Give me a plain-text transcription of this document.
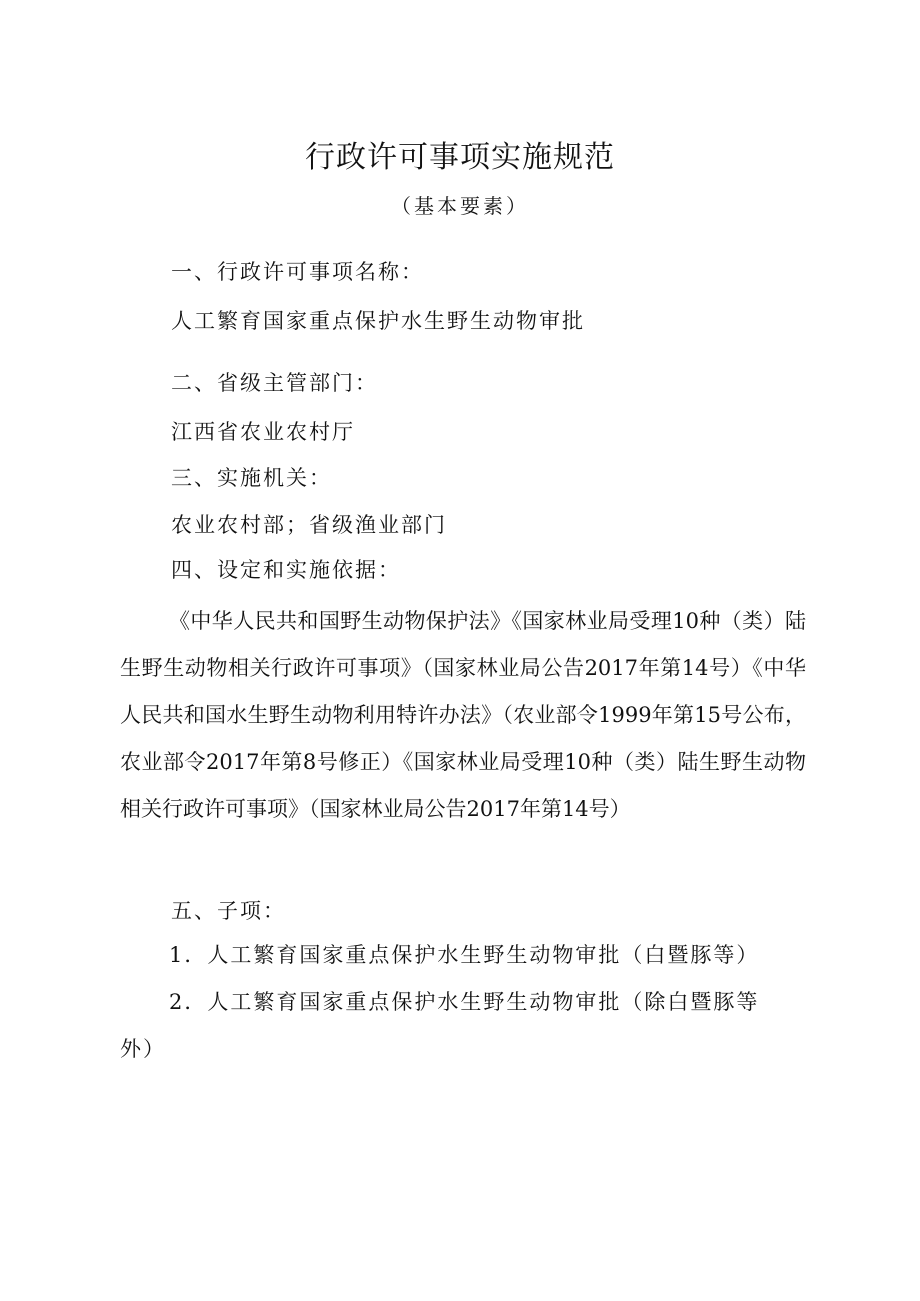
行政许可事项实施规范
（基本要素）
一、行政许可事项名称：
人工繁育国家重点保护水生野生动物审批
二、省级主管部门：
江西省农业农村厅
三、实施机关：
农业农村部；省级渔业部门
四、设定和实施依据：
《中华人民共和国野生动物保护法》《国家林业局受理10种（类）陆生野生动物相关行政许可事项》（国家林业局公告2017年第14号）《中华人民共和国水生野生动物利用特许办法》（农业部令1999年第15号公布，农业部令2017年第8号修正）《国家林业局受理10种（类）陆生野生动物相关行政许可事项》（国家林业局公告2017年第14号）
五、子项：
1．人工繁育国家重点保护水生野生动物审批（白暨豚等）
2．人工繁育国家重点保护水生野生动物审批（除白暨豚等外）
